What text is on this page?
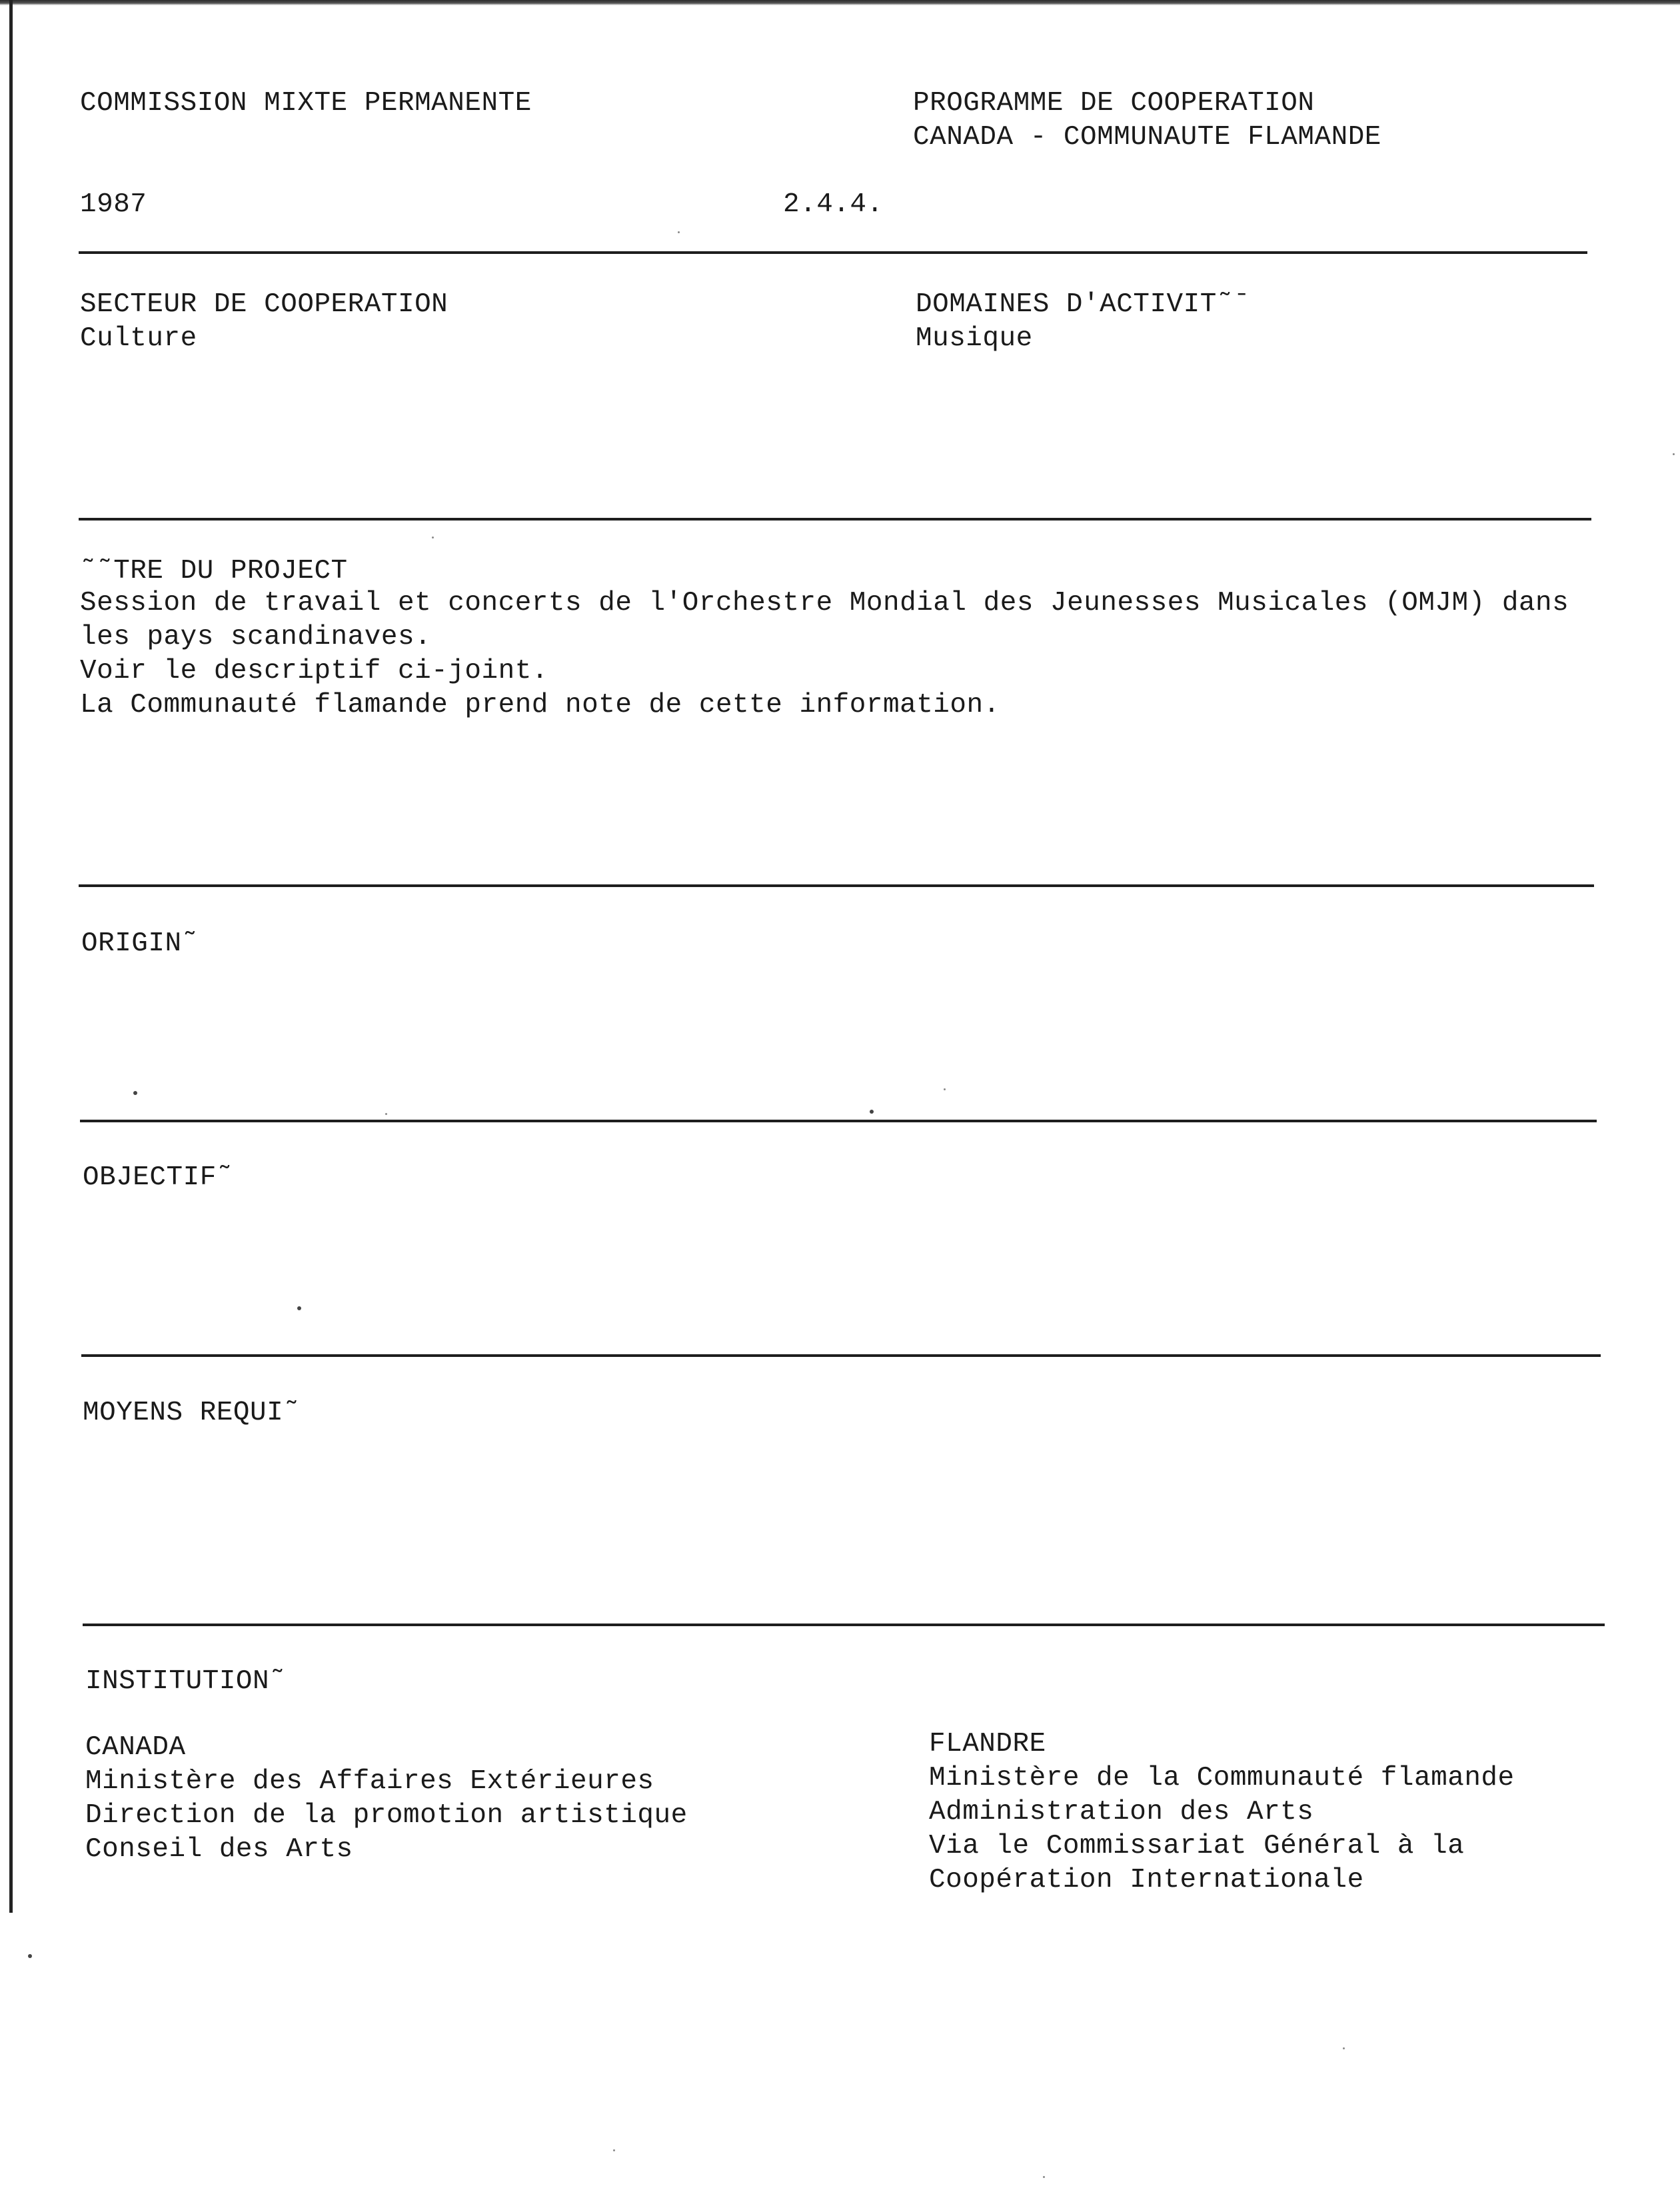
COMMISSION MIXTE PERMANENTE	PROGRAMME DE COOPERATION
CANADA - COMMUNAUTE FLAMANDE
1987	2.4.4.
SECTEUR DE COOPERATION
Culture
DOMAINES D'ACTIVIT˜ˉ
Musique
˜˜TRE DU PROJECT
Session de travail et concerts de l'Orchestre Mondial des Jeunesses Musicales (OMJM) dans
les pays scandinaves.
Voir le descriptif ci-joint.
La Communauté flamande prend note de cette information.
ORIGIN˜
OBJECTIF˜
MOYENS REQUI˜
INSTITUTION˜
CANADA
Ministère des Affaires Extérieures
Direction de la promotion artistique
Conseil des Arts
FLANDRE
Ministère de la Communauté flamande
Administration des Arts
Via le Commissariat Général à la
Coopération Internationale
